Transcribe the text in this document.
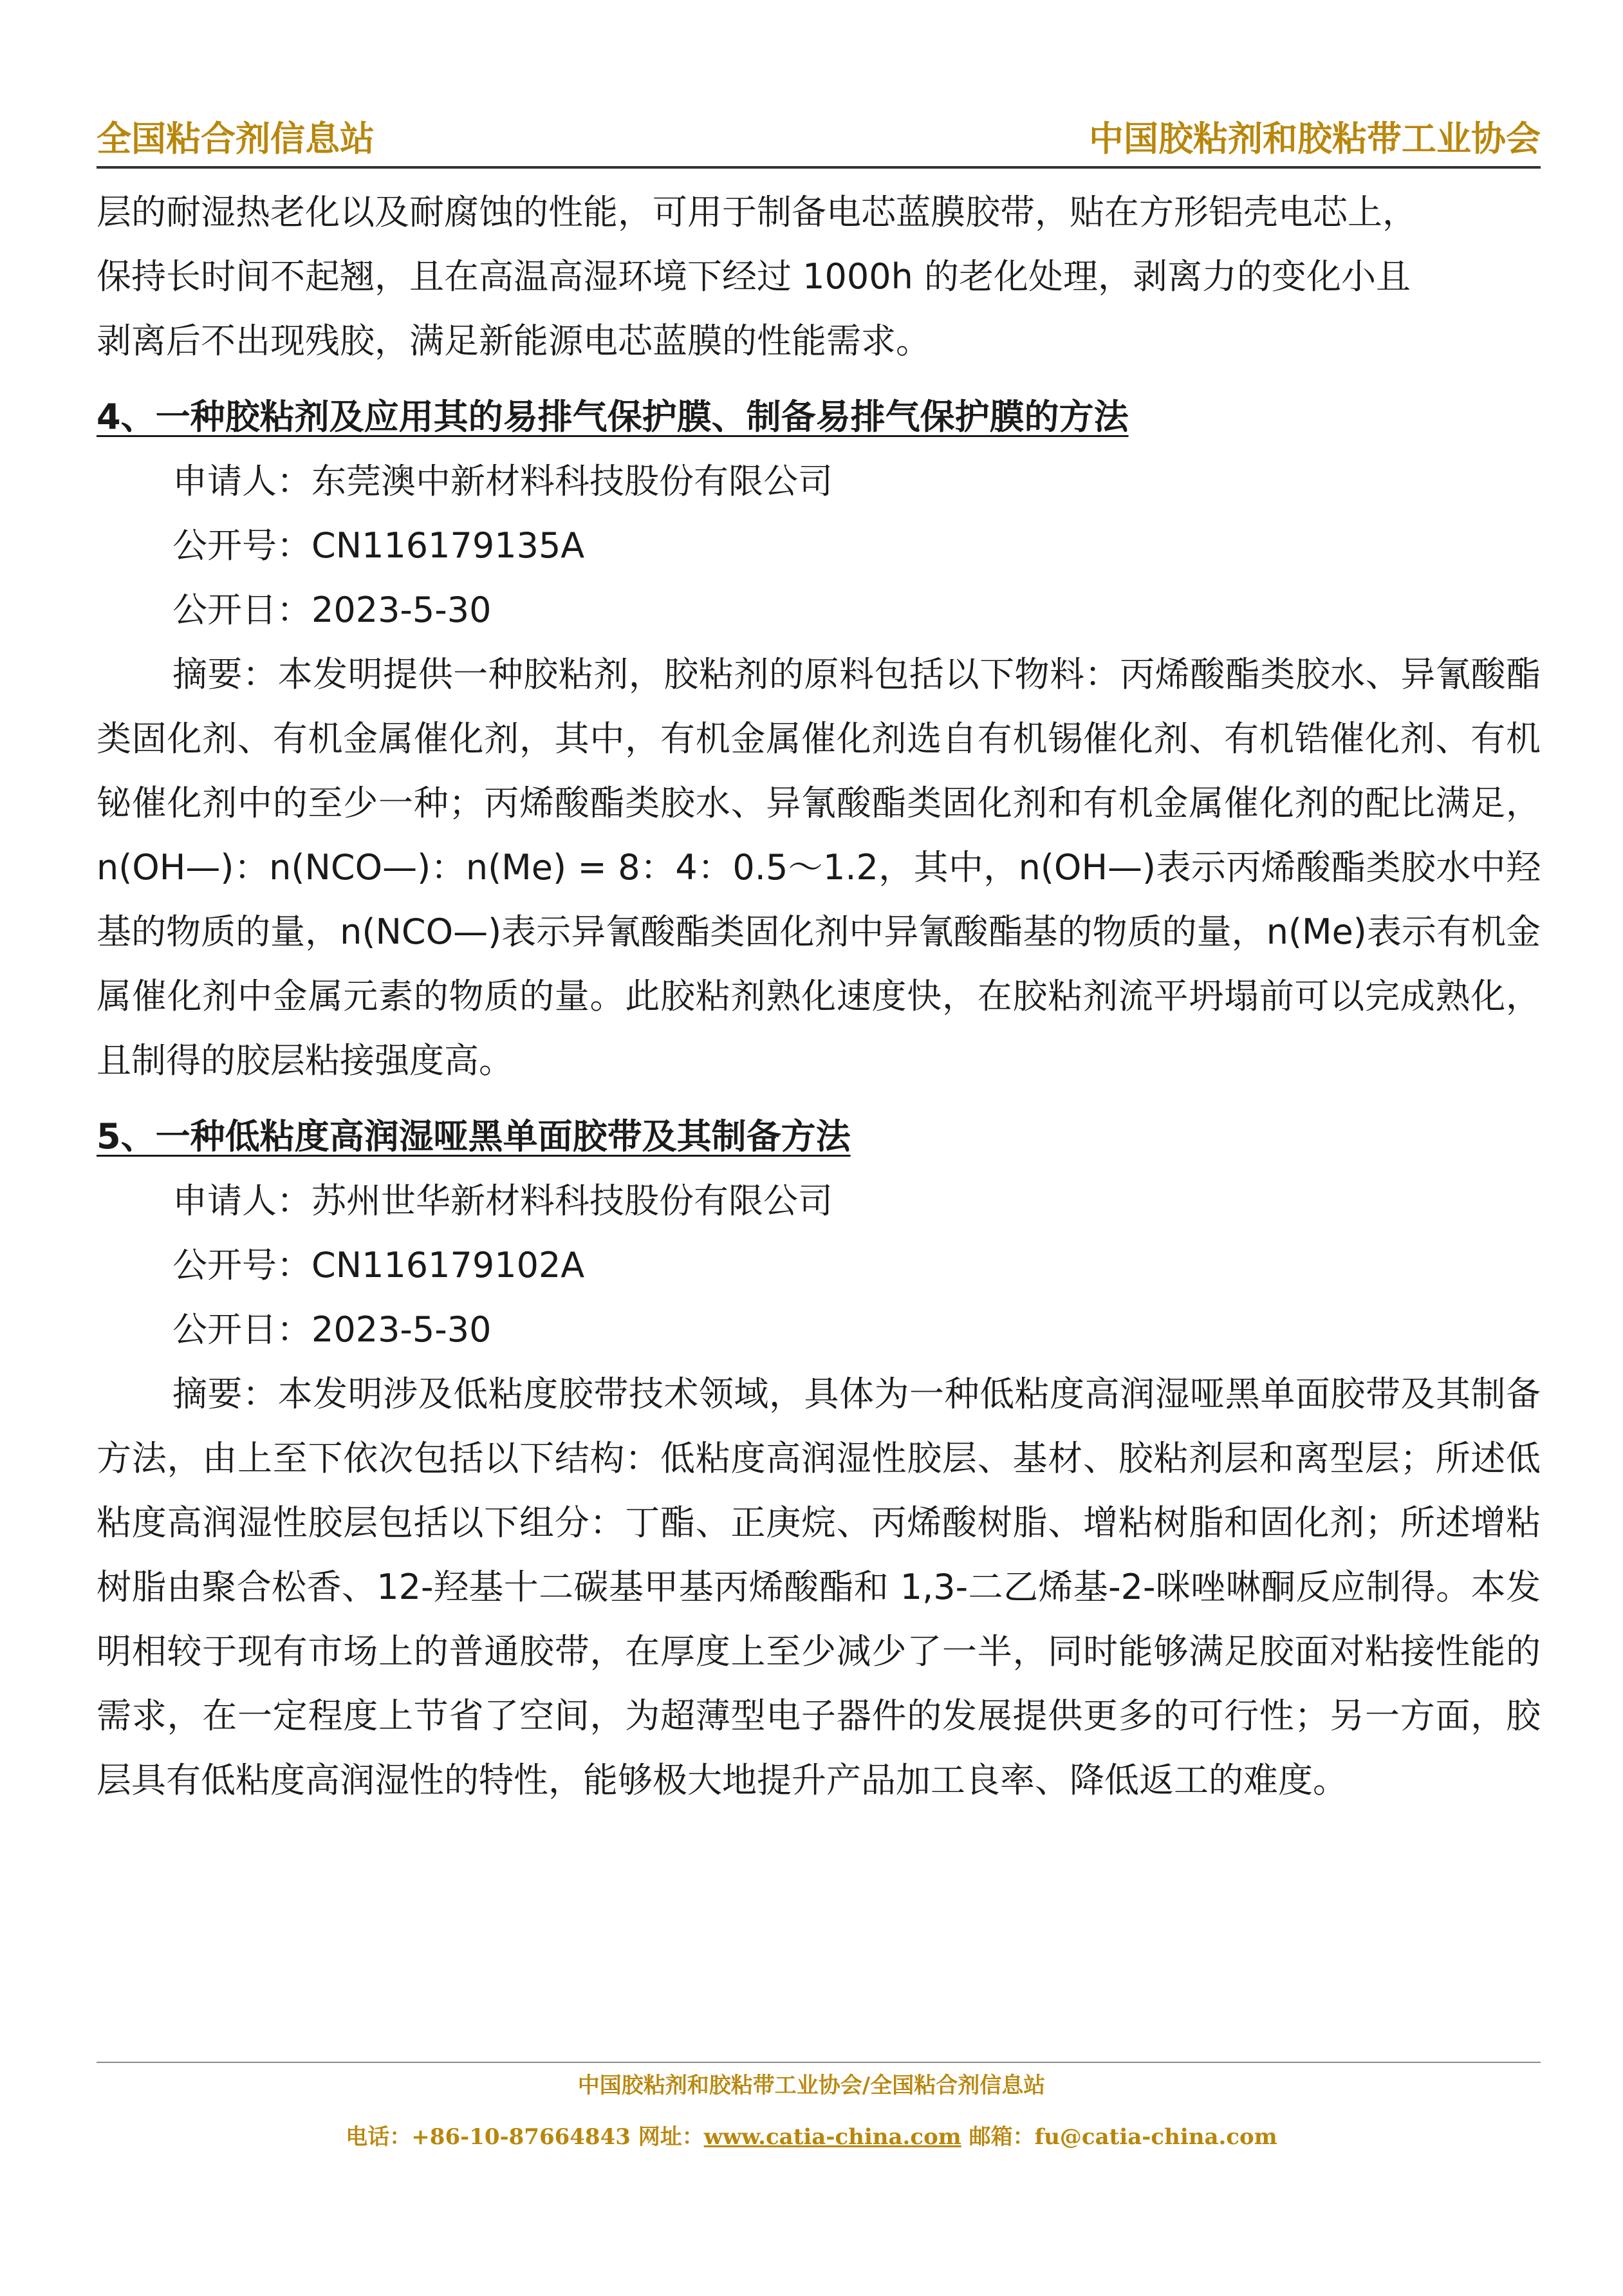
全国粘合剂信息站	中国胶粘剂和胶粘带工业协会

层的耐湿热老化以及耐腐蚀的性能，可用于制备电芯蓝膜胶带，贴在方形铝壳电芯上，

保持长时间不起翘，且在高温高湿环境下经过 1000h 的老化处理，剥离力的变化小且

剥离后不出现残胶，满足新能源电芯蓝膜的性能需求。

4、一种胶粘剂及应用其的易排气保护膜、制备易排气保护膜的方法

申请人：东莞澳中新材料科技股份有限公司

公开号：CN116179135A

公开日：2023-5-30

摘要：本发明提供一种胶粘剂，胶粘剂的原料包括以下物料：丙烯酸酯类胶水、异氰酸酯类固化剂、有机金属催化剂，其中，有机金属催化剂选自有机锡催化剂、有机锆催化剂、有机铋催化剂中的至少一种；丙烯酸酯类胶水、异氰酸酯类固化剂和有机金属催化剂的配比满足，n(OH—)：n(NCO—)：n(Me) = 8：4：0.5～1.2，其中，n(OH—)表示丙烯酸酯类胶水中羟基的物质的量，n(NCO—)表示异氰酸酯类固化剂中异氰酸酯基的物质的量，n(Me)表示有机金属催化剂中金属元素的物质的量。此胶粘剂熟化速度快，在胶粘剂流平坍塌前可以完成熟化，且制得的胶层粘接强度高。

5、一种低粘度高润湿哑黑单面胶带及其制备方法

申请人：苏州世华新材料科技股份有限公司

公开号：CN116179102A

公开日：2023-5-30

摘要：本发明涉及低粘度胶带技术领域，具体为一种低粘度高润湿哑黑单面胶带及其制备方法，由上至下依次包括以下结构：低粘度高润湿性胶层、基材、胶粘剂层和离型层；所述低粘度高润湿性胶层包括以下组分：丁酯、正庚烷、丙烯酸树脂、增粘树脂和固化剂；所述增粘树脂由聚合松香、12-羟基十二碳基甲基丙烯酸酯和 1,3-二乙烯基-2-咪唑啉酮反应制得。本发明相较于现有市场上的普通胶带，在厚度上至少减少了一半，同时能够满足胶面对粘接性能的需求，在一定程度上节省了空间，为超薄型电子器件的发展提供更多的可行性；另一方面，胶层具有低粘度高润湿性的特性，能够极大地提升产品加工良率、降低返工的难度。

中国胶粘剂和胶粘带工业协会/全国粘合剂信息站
电话：+86-10-87664843 网址：www.catia-china.com 邮箱：fu@catia-china.com
